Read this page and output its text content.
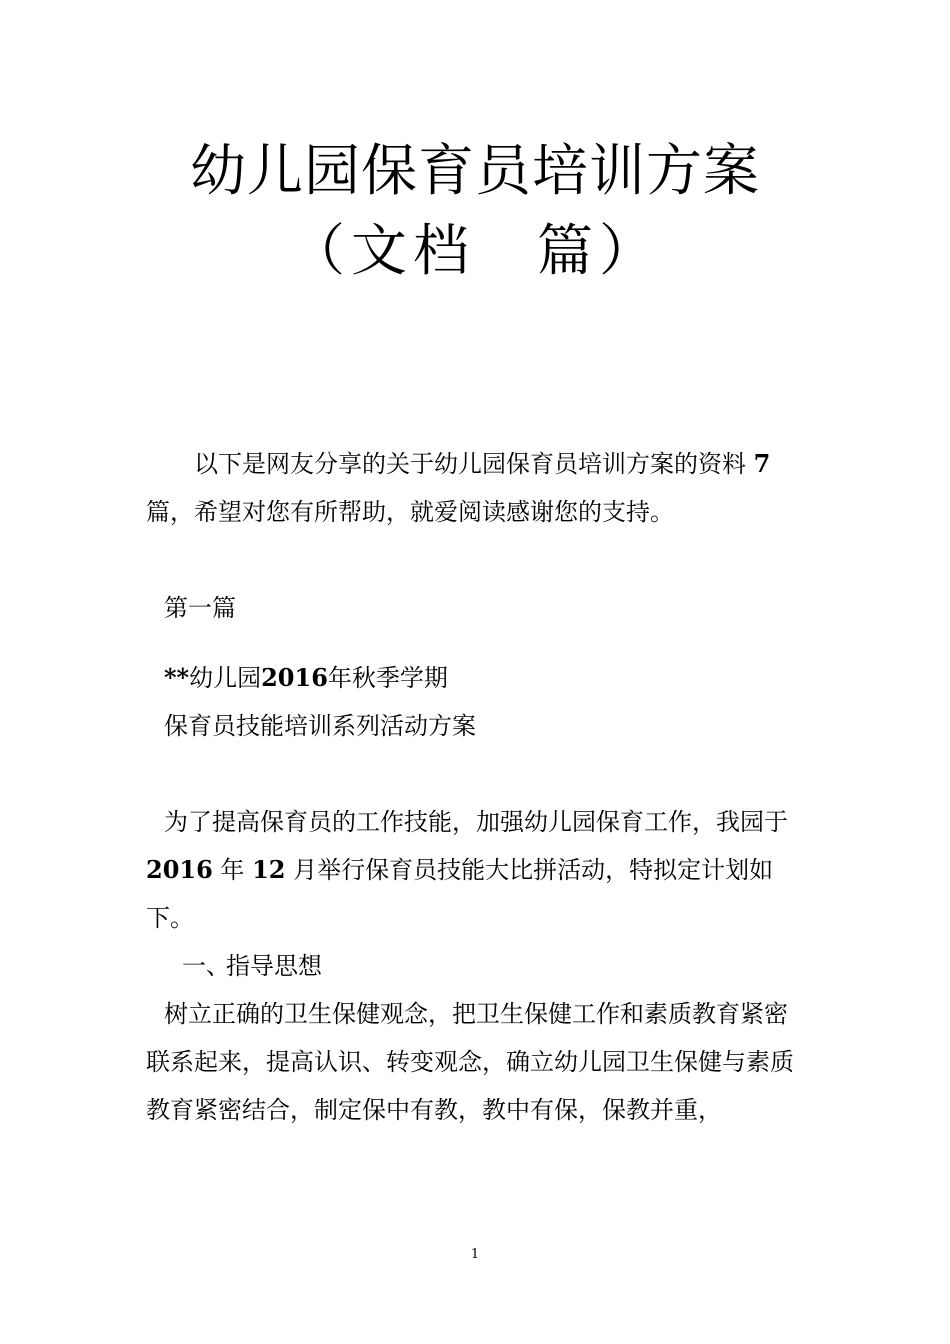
幼儿园保育员培训方案
（文档　篇）

以下是网友分享的关于幼儿园保育员培训方案的资料 7篇，希望对您有所帮助，就爱阅读感谢您的支持。

第一篇

**幼儿园2016年秋季学期

保育员技能培训系列活动方案

为了提高保育员的工作技能，加强幼儿园保育工作，我园于 2016 年 12 月举行保育员技能大比拼活动，特拟定计划如下。

一、指导思想

树立正确的卫生保健观念，把卫生保健工作和素质教育紧密联系起来，提高认识、转变观念，确立幼儿园卫生保健与素质教育紧密结合，制定保中有教，教中有保，保教并重，

1
